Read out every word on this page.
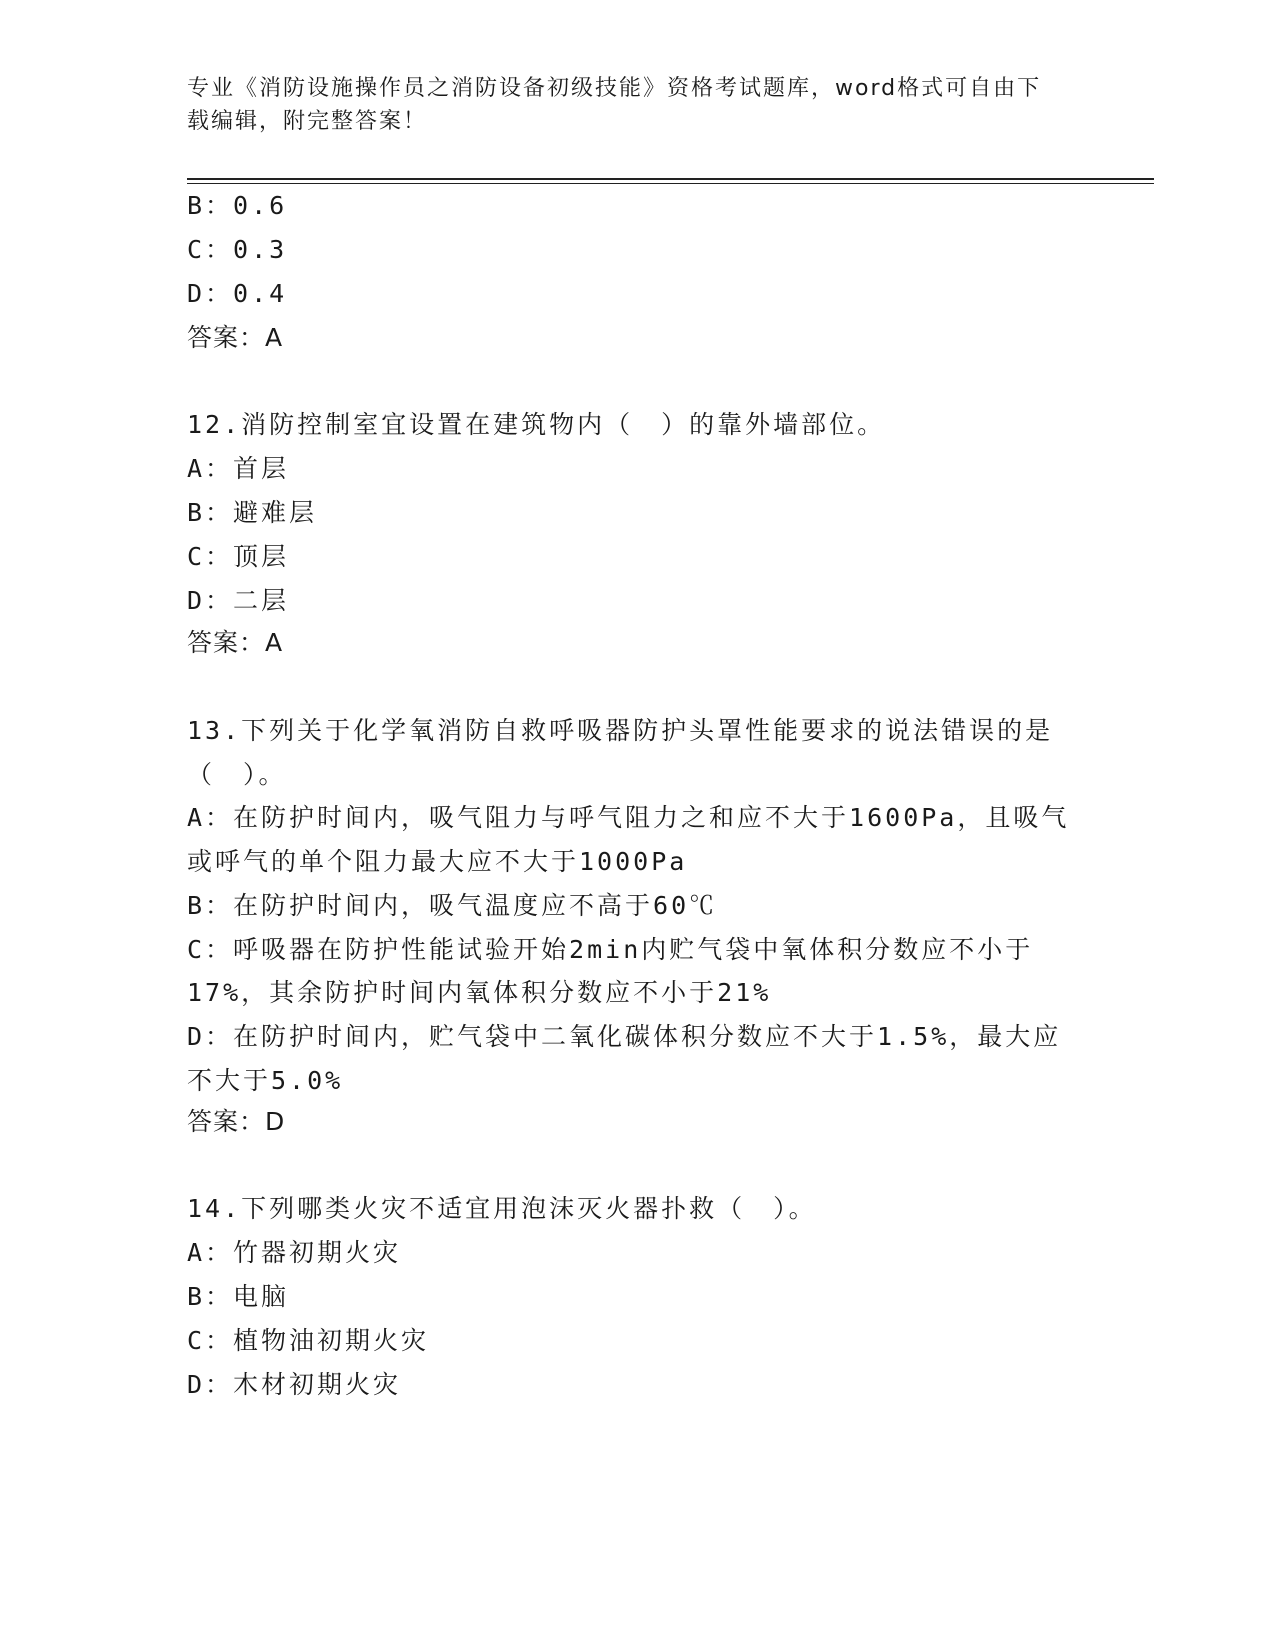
专业《消防设施操作员之消防设备初级技能》资格考试题库，word格式可自由下
载编辑，附完整答案！
B：0.6
C：0.3
D：0.4
答案：A
12.消防控制室宜设置在建筑物内（　）的靠外墙部位。
A：首层
B：避难层
C：顶层
D：二层
答案：A
13.下列关于化学氧消防自救呼吸器防护头罩性能要求的说法错误的是
（　）。
A：在防护时间内，吸气阻力与呼气阻力之和应不大于1600Pa，且吸气
或呼气的单个阻力最大应不大于1000Pa
B：在防护时间内，吸气温度应不高于60℃
C：呼吸器在防护性能试验开始2min内贮气袋中氧体积分数应不小于
17%，其余防护时间内氧体积分数应不小于21%
D：在防护时间内，贮气袋中二氧化碳体积分数应不大于1.5%，最大应
不大于5.0%
答案：D
14.下列哪类火灾不适宜用泡沫灭火器扑救（　）。
A：竹器初期火灾
B：电脑
C：植物油初期火灾
D：木材初期火灾
